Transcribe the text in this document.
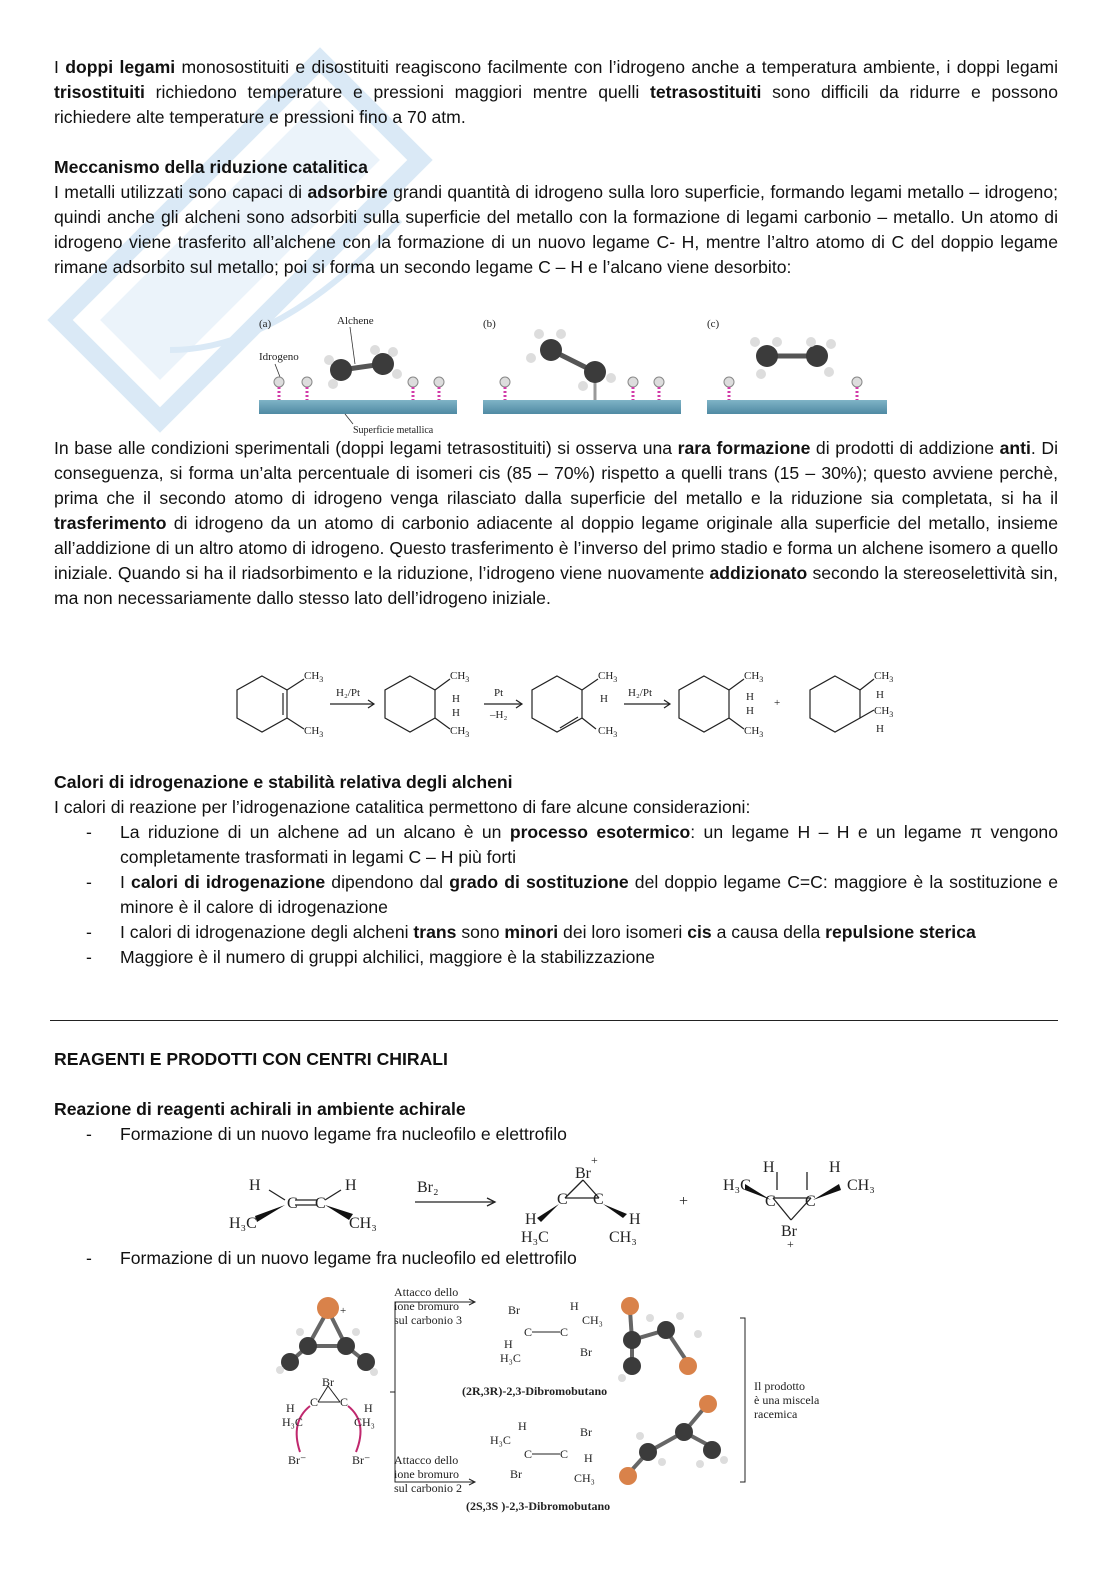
I doppi legami monosostituiti e disostituiti reagiscono facilmente con l’idrogeno anche a temperatura ambiente, i doppi legami trisostituiti richiedono temperature e pressioni maggiori mentre quelli tetrasostituiti sono difficili da ridurre e possono richiedere alte temperature e pressioni fino a 70 atm.
Meccanismo della riduzione catalitica
I metalli utilizzati sono capaci di adsorbire grandi quantità di idrogeno sulla loro superficie, formando legami metallo – idrogeno; quindi anche gli alcheni sono adsorbiti sulla superficie del metallo con la formazione di legami carbonio – metallo. Un atomo di idrogeno viene trasferito all’alchene con la formazione di un nuovo legame C- H, mentre l’altro atomo di C del doppio legame rimane adsorbito sul metallo; poi si forma un secondo legame C – H e l’alcano viene desorbito:
(a)	Alchene
Idrogeno
Superficie metallica
(b)	(c)
In base alle condizioni sperimentali (doppi legami tetrasostituiti) si osserva una rara formazione di prodotti di addizione anti. Di conseguenza, si forma un’alta percentuale di isomeri cis (85 – 70%) rispetto a quelli trans (15 – 30%); questo avviene perchè, prima che il secondo atomo di idrogeno venga rilasciato dalla superficie del metallo e la riduzione sia completata, si ha il trasferimento di idrogeno da un atomo di carbonio adiacente al doppio legame originale alla superficie del metallo, insieme all’addizione di un altro atomo di idrogeno. Questo trasferimento è l’inverso del primo stadio e forma un alchene isomero a quello iniziale. Quando si ha il riadsorbimento e la riduzione, l’idrogeno viene nuovamente addizionato secondo la stereoselettività sin, ma non necessariamente dallo stesso lato dell’idrogeno iniziale.
$CH_3$
$CH_3$
H₂/Pt
$CH_3$
H
H
$CH_3$
Pt
–H₂
$CH_3$
H
$CH_3$
H₂/Pt
$CH_3$
H
H
$CH_3$
+
$CH_3$
H
$CH_3$
H
Calori di idrogenazione e stabilità relativa degli alcheni
I calori di reazione per l’idrogenazione catalitica permettono di fare alcune considerazioni:
- La riduzione di un alchene ad un alcano è un processo esotermico: un legame H – H e un legame π vengono completamente trasformati in legami C – H più forti
- I calori di idrogenazione dipendono dal grado di sostituzione del doppio legame C=C: maggiore è la sostituzione e minore è il calore di idrogenazione
- I calori di idrogenazione degli alcheni trans sono minori dei loro isomeri cis a causa della repulsione sterica
- Maggiore è il numero di gruppi alchilici, maggiore è la stabilizzazione
REAGENTI E PRODOTTI CON CENTRI CHIRALI
Reazione di reagenti achirali in ambiente achirale
- Formazione di un nuovo legame fra nucleofilo e elettrofilo
H
C C
H
H₃C	CH₃
Br₂
Br
+
C C
H
H₃C
H
CH₃
+
H	H
H₃C	CH₃
C C
Br
+
- Formazione di un nuovo legame fra nucleofilo ed elettrofilo
+
Br
C C
H
H₃C
H
CH₃
Br⁻	Br⁻
Attacco dello
ione bromuro
sul carbonio 3
Attacco dello
ione bromuro
sul carbonio 2
Br
C C
H
H₃C
H
CH₃
Br
(2R,3R)-2,3-Dibromobutano
H
H₃C
C C
Br
Br
H
CH₃
(2S,3S )-2,3-Dibromobutano
Il prodotto
è una miscela
racemica
